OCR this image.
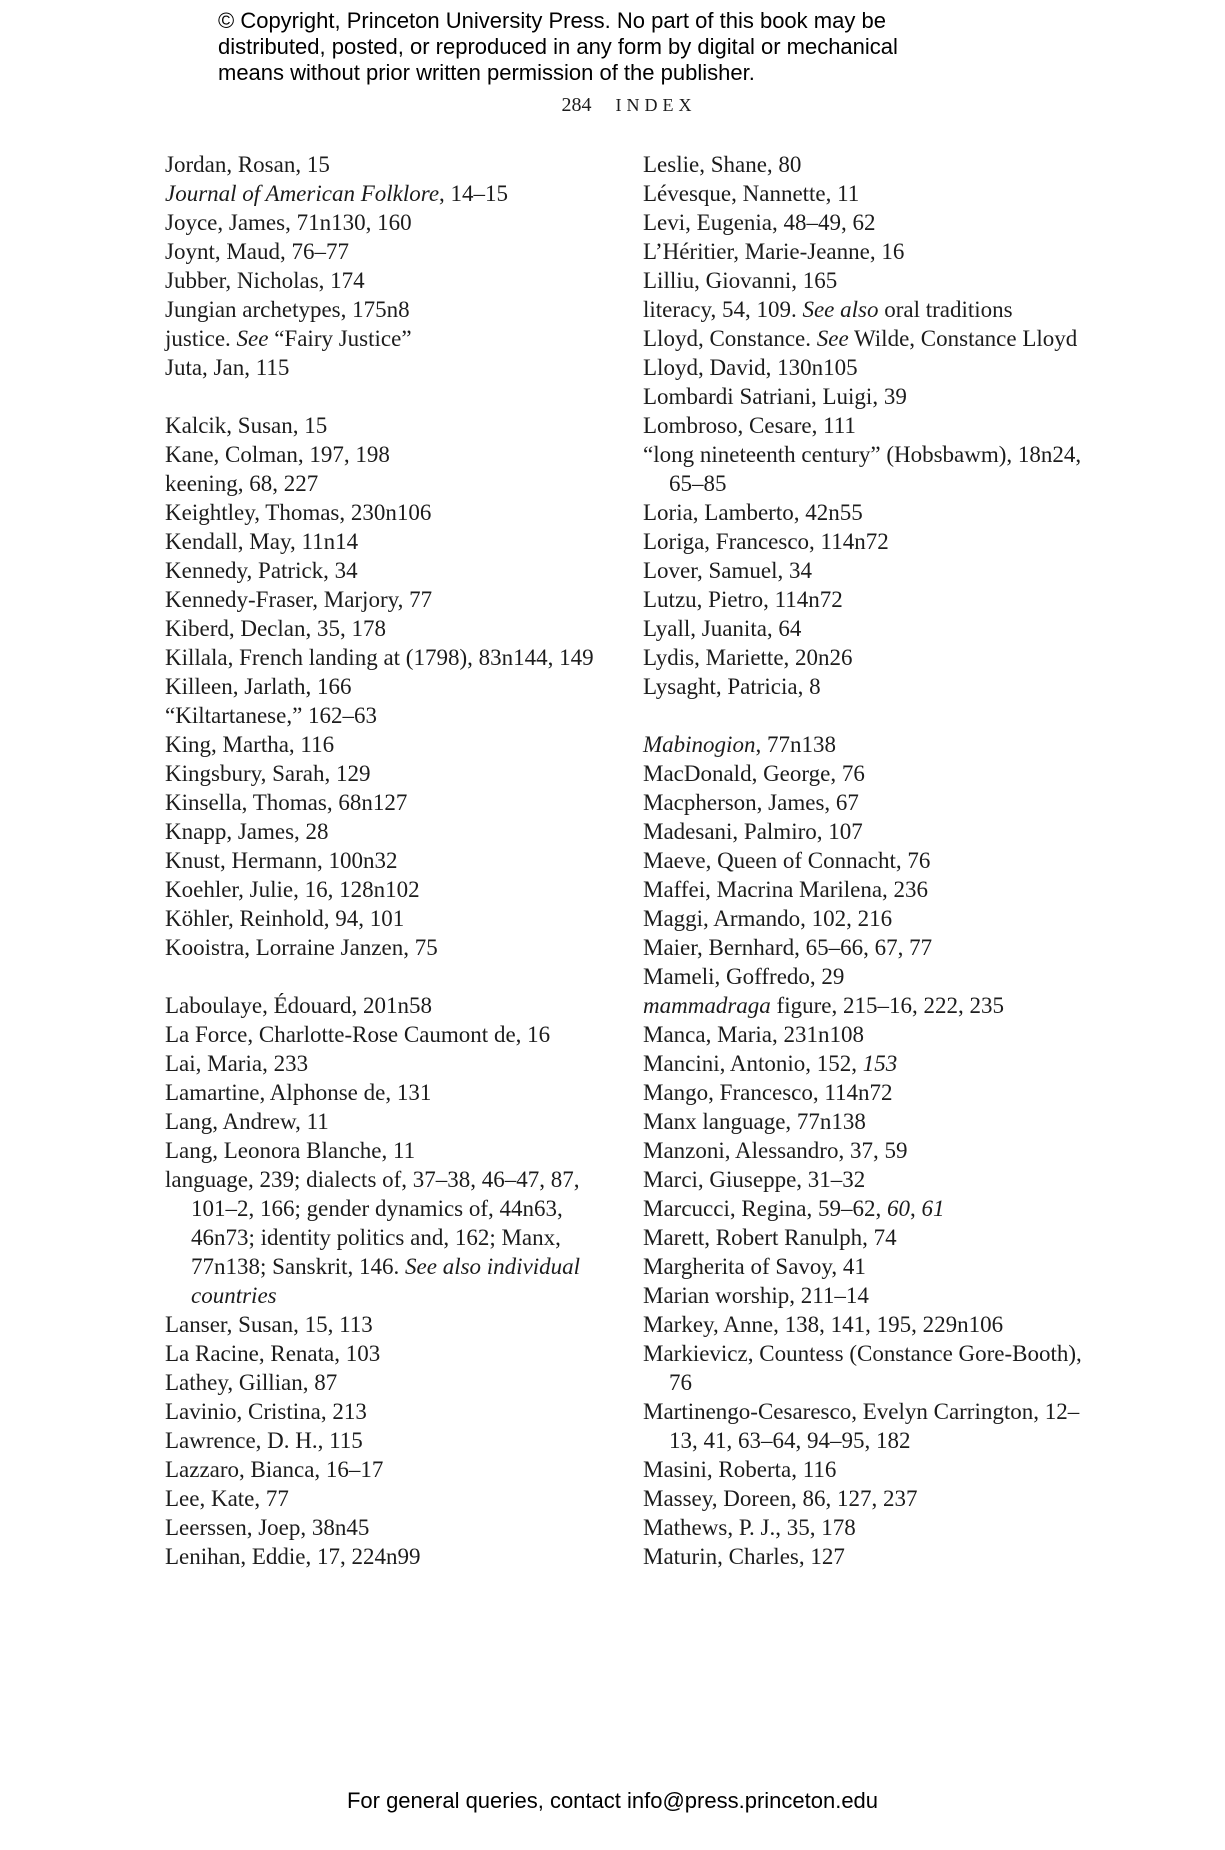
© Copyright, Princeton University Press. No part of this book may be
distributed, posted, or reproduced in any form by digital or mechanical
means without prior written permission of the publisher.
284 INDEX

Jordan, Rosan, 15

Journal of American Folklore, 14–15

Joyce, James, 71n130, 160

Joynt, Maud, 76–77

Jubber, Nicholas, 174

Jungian archetypes, 175n8

justice. See “Fairy Justice”

Juta, Jan, 115

Kalcik, Susan, 15

Kane, Colman, 197, 198

keening, 68, 227

Keightley, Thomas, 230n106

Kendall, May, 11n14

Kennedy, Patrick, 34

Kennedy-Fraser, Marjory, 77

Kiberd, Declan, 35, 178

Killala, French landing at (1798), 83n144, 149

Killeen, Jarlath, 166

“Kiltartanese,” 162–63

King, Martha, 116

Kingsbury, Sarah, 129

Kinsella, Thomas, 68n127

Knapp, James, 28

Knust, Hermann, 100n32

Koehler, Julie, 16, 128n102

Köhler, Reinhold, 94, 101

Kooistra, Lorraine Janzen, 75

Laboulaye, Édouard, 201n58

La Force, Charlotte-Rose Caumont de, 16

Lai, Maria, 233

Lamartine, Alphonse de, 131

Lang, Andrew, 11

Lang, Leonora Blanche, 11

language, 239; dialects of, 37–38, 46–47, 87, 101–2, 166; gender dynamics of, 44n63, 46n73; identity politics and, 162; Manx, 77n138; Sanskrit, 146. See also individual countries

Lanser, Susan, 15, 113

La Racine, Renata, 103

Lathey, Gillian, 87

Lavinio, Cristina, 213

Lawrence, D. H., 115

Lazzaro, Bianca, 16–17

Lee, Kate, 77

Leerssen, Joep, 38n45

Lenihan, Eddie, 17, 224n99

Leslie, Shane, 80

Lévesque, Nannette, 11

Levi, Eugenia, 48–49, 62

L’Héritier, Marie-Jeanne, 16

Lilliu, Giovanni, 165

literacy, 54, 109. See also oral traditions

Lloyd, Constance. See Wilde, Constance Lloyd

Lloyd, David, 130n105

Lombardi Satriani, Luigi, 39

Lombroso, Cesare, 111

“long nineteenth century” (Hobsbawm), 18n24, 65–85

Loria, Lamberto, 42n55

Loriga, Francesco, 114n72

Lover, Samuel, 34

Lutzu, Pietro, 114n72

Lyall, Juanita, 64

Lydis, Mariette, 20n26

Lysaght, Patricia, 8

Mabinogion, 77n138

MacDonald, George, 76

Macpherson, James, 67

Madesani, Palmiro, 107

Maeve, Queen of Connacht, 76

Maffei, Macrina Marilena, 236

Maggi, Armando, 102, 216

Maier, Bernhard, 65–66, 67, 77

Mameli, Goffredo, 29

mammadraga figure, 215–16, 222, 235

Manca, Maria, 231n108

Mancini, Antonio, 152, 153

Mango, Francesco, 114n72

Manx language, 77n138

Manzoni, Alessandro, 37, 59

Marci, Giuseppe, 31–32

Marcucci, Regina, 59–62, 60, 61

Marett, Robert Ranulph, 74

Margherita of Savoy, 41

Marian worship, 211–14

Markey, Anne, 138, 141, 195, 229n106

Markievicz, Countess (Constance Gore-Booth), 76

Martinengo-Cesaresco, Evelyn Carrington, 12–13, 41, 63–64, 94–95, 182

Masini, Roberta, 116

Massey, Doreen, 86, 127, 237

Mathews, P. J., 35, 178

Maturin, Charles, 127

For general queries, contact info@press.princeton.edu
